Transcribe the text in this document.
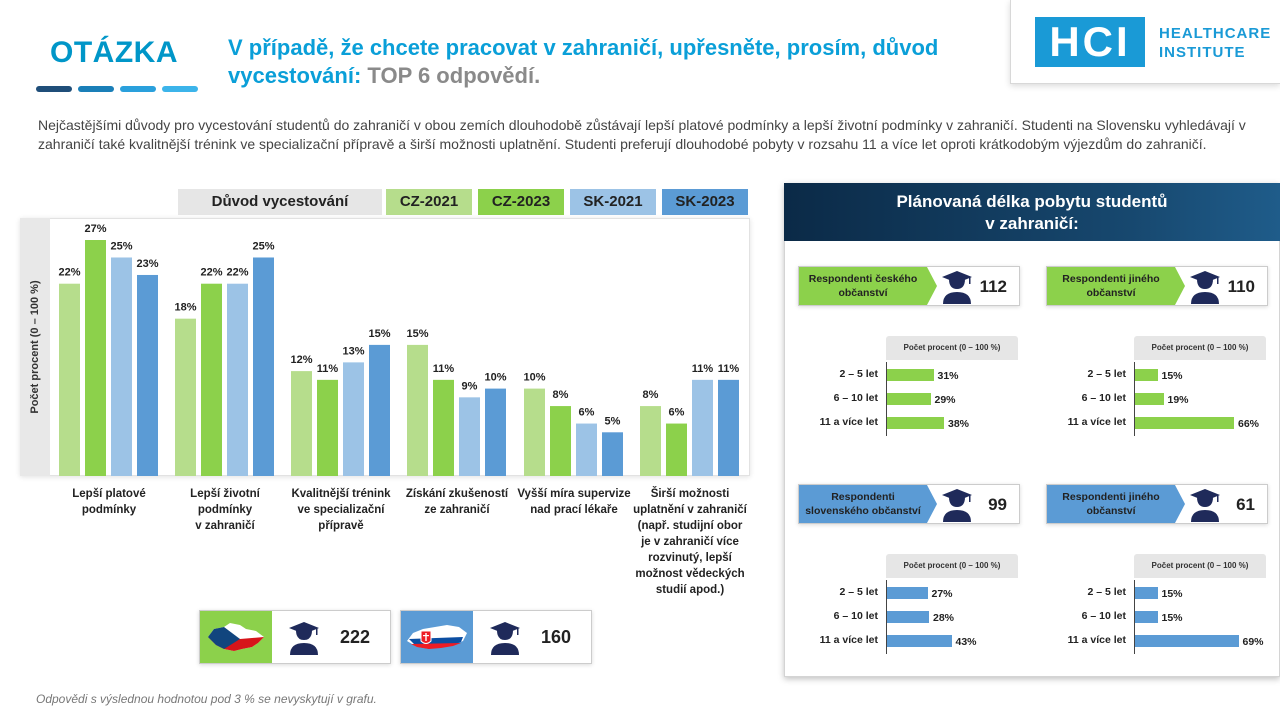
OTÁZKA V případě, že chcete pracovat v zahraničí, upřesněte, prosím, důvod vycestování: TOP 6 odpovědí.
HCI	HEALTHCARE
INSTITUTE
Nejčastějšími důvody pro vycestování studentů do zahraničí v obou zemích dlouhodobě zůstávají lepší platové podmínky a lepší životní podmínky v zahraničí. Studenti na Slovensku vyhledávají v zahraničí také kvalitnější trénink ve specializační přípravě a širší možnosti uplatnění. Studenti preferují dlouhodobé pobyty v rozsahu 11 a více let oproti krátkodobým výjezdům do zahraničí.
Důvod vycestování	CZ-2021	CZ-2023	SK-2021	SK-2023
Počet procent (0 – 100 %)
22%
27%
25%
23%
18%
22% 22%
25%
12%
11%
13%
15% 15%
11%
9%
10% 10%
8%
6%
5%
8%
6%
11% 11%
Lepší platové
podmínky
Lepší životní
podmínky
v zahraničí
Kvalitnější trénink
ve specializační
přípravě
Získání zkušeností
ze zahraničí
Vyšší míra supervize
nad prací lékaře
Širší možnosti
uplatnění v zahraničí
(např. studijní obor
je v zahraničí více
rozvinutý, lepší
možnost vědeckých
studií apod.)
222	160
Odpovědi s výslednou hodnotou pod 3 % se nevyskytují v grafu.
Plánovaná délka pobytu studentů
v zahraničí:
Respondenti českého občanství	112
Počet procent (0 – 100 %)
2 – 5 let	31%
6 – 10 let	29%
11 a více let	38%
Respondenti jiného občanství	110
Počet procent (0 – 100 %)
2 – 5 let	15%
6 – 10 let	19%
11 a více let	66%
Respondenti slovenského občanství	99
Počet procent (0 – 100 %)
2 – 5 let	27%
6 – 10 let	28%
11 a více let	43%
Respondenti jiného občanství	61
Počet procent (0 – 100 %)
2 – 5 let	15%
6 – 10 let	15%
11 a více let	69%
